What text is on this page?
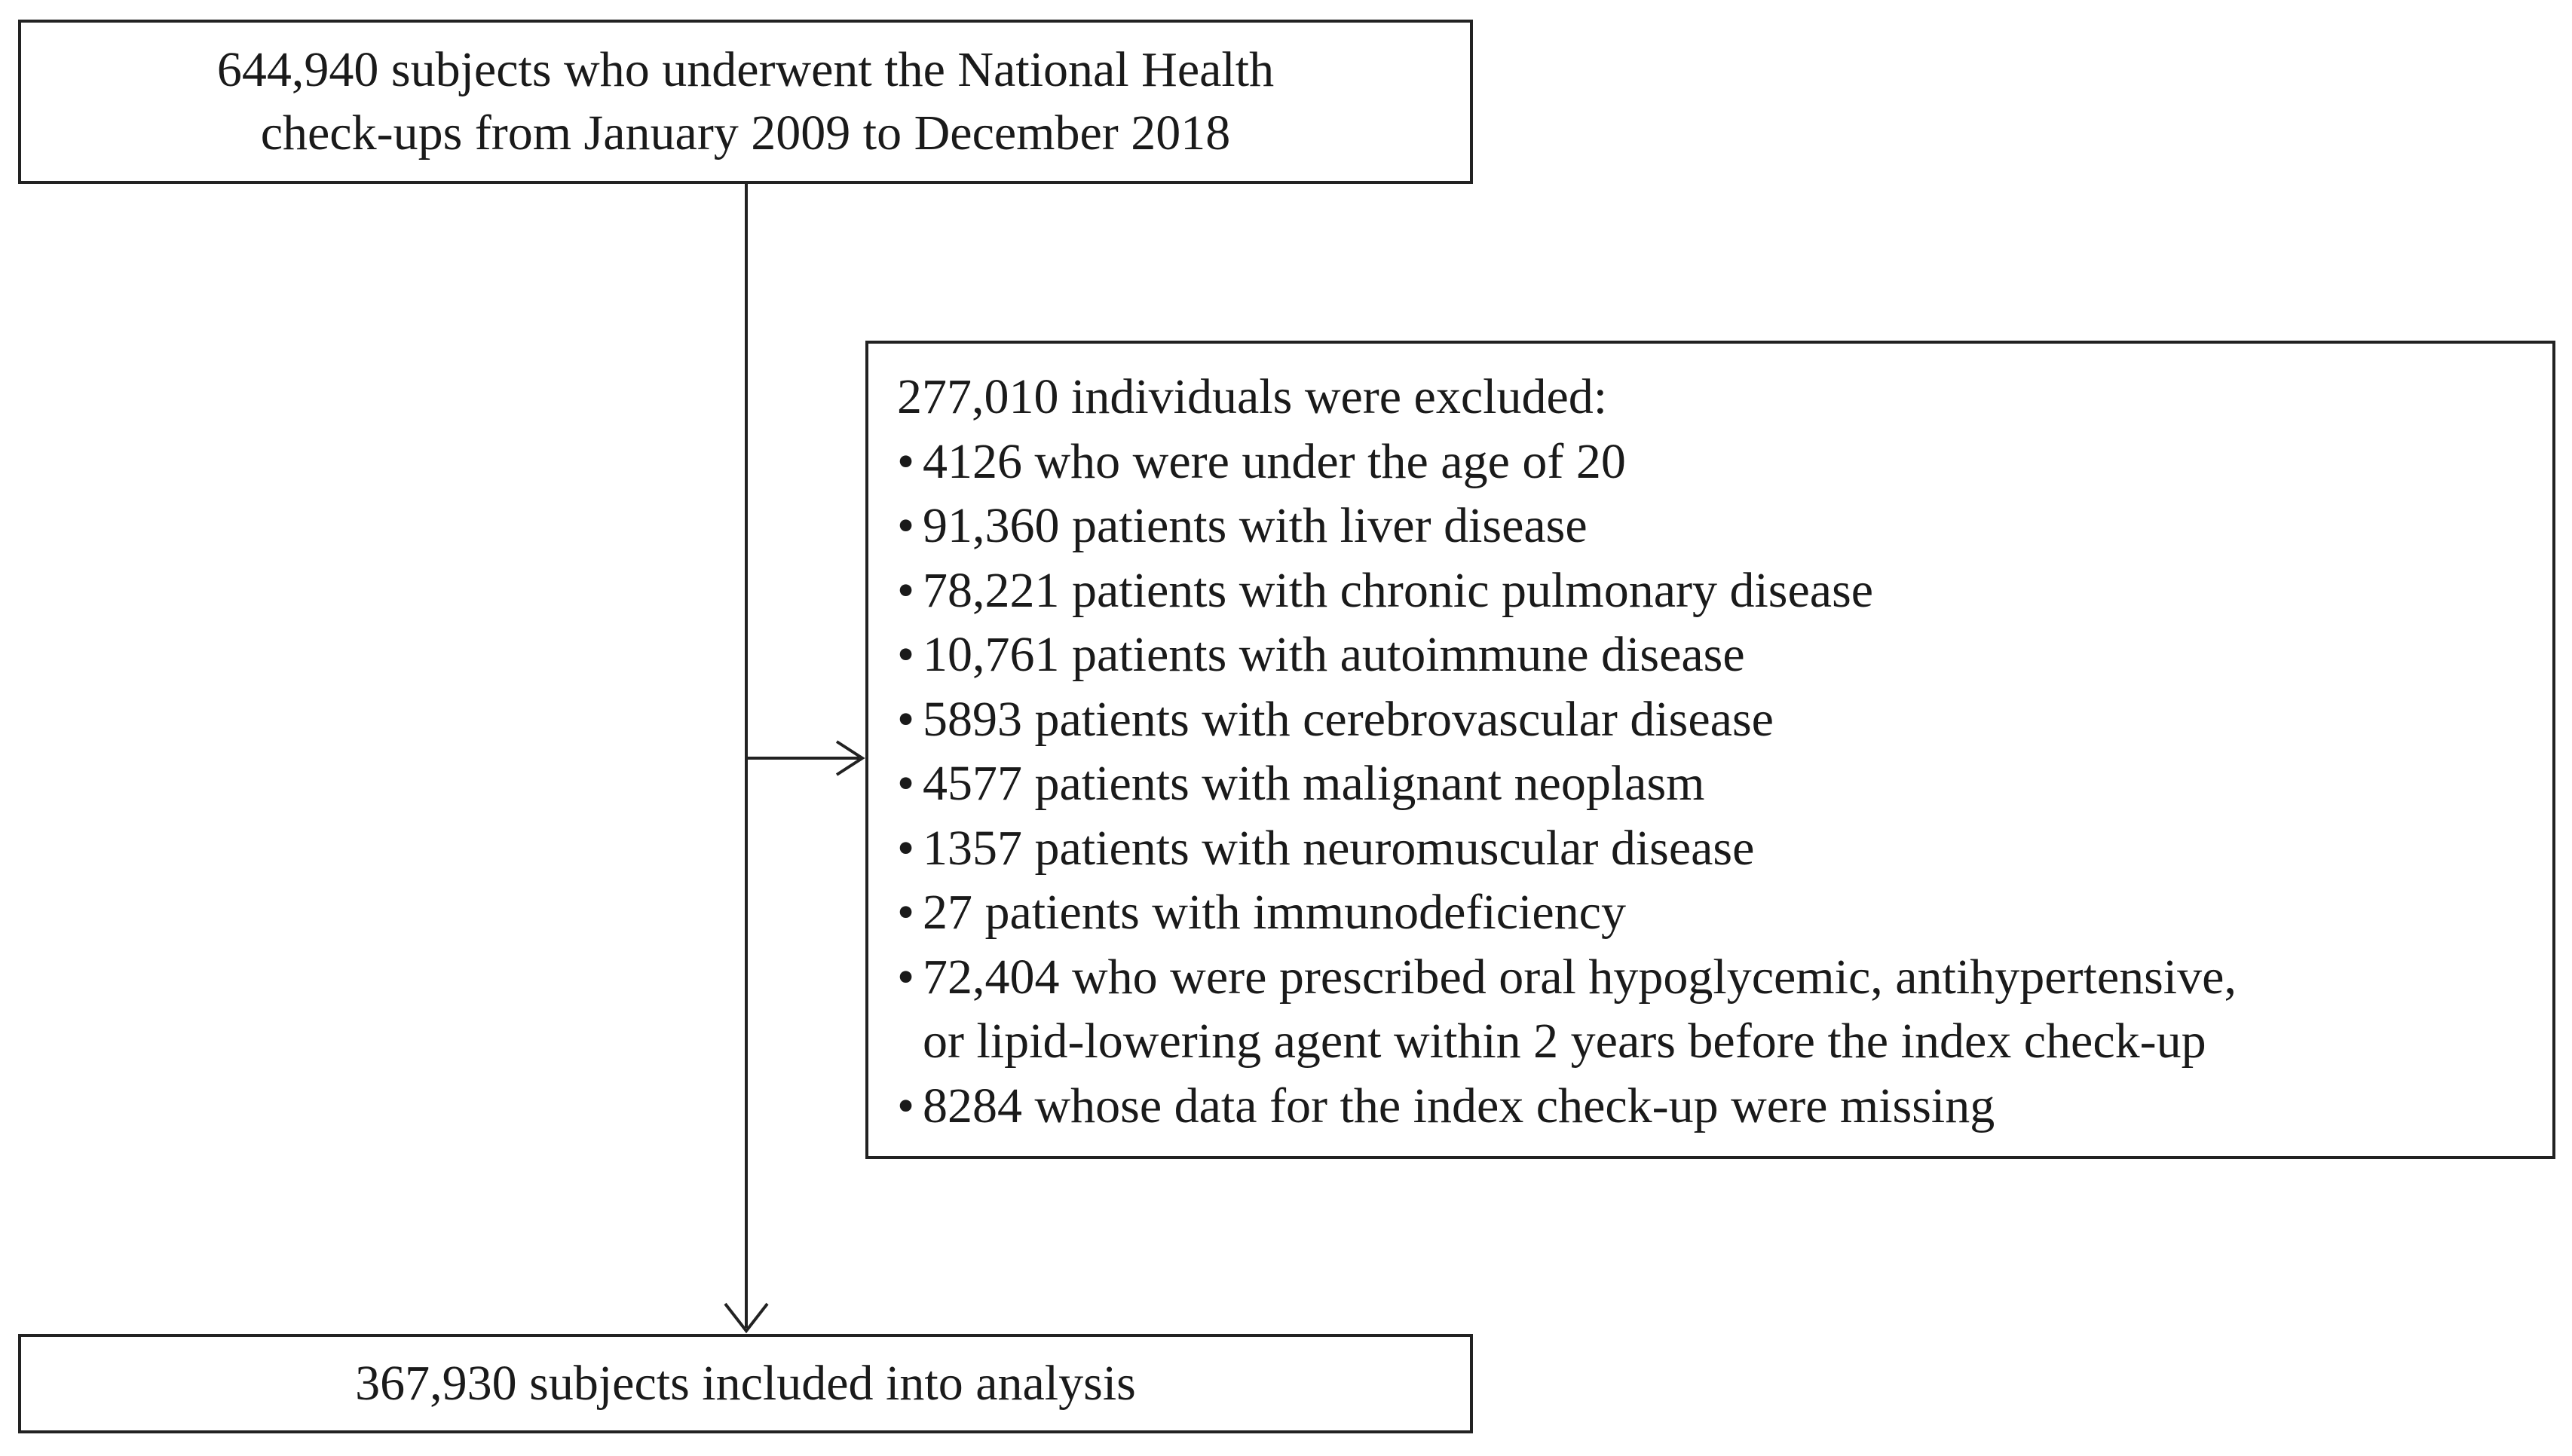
644,940 subjects who underwent the National Health
check-ups from January 2009 to December 2018
277,010 individuals were excluded:
• 4126 who were under the age of 20
• 91,360 patients with liver disease
• 78,221 patients with chronic pulmonary disease
• 10,761 patients with autoimmune disease
• 5893 patients with cerebrovascular disease
• 4577 patients with malignant neoplasm
• 1357 patients with neuromuscular disease
• 27 patients with immunodeficiency
• 72,404 who were prescribed oral hypoglycemic, antihypertensive,
or lipid-lowering agent within 2 years before the index check-up
• 8284 whose data for the index check-up were missing
367,930 subjects included into analysis
